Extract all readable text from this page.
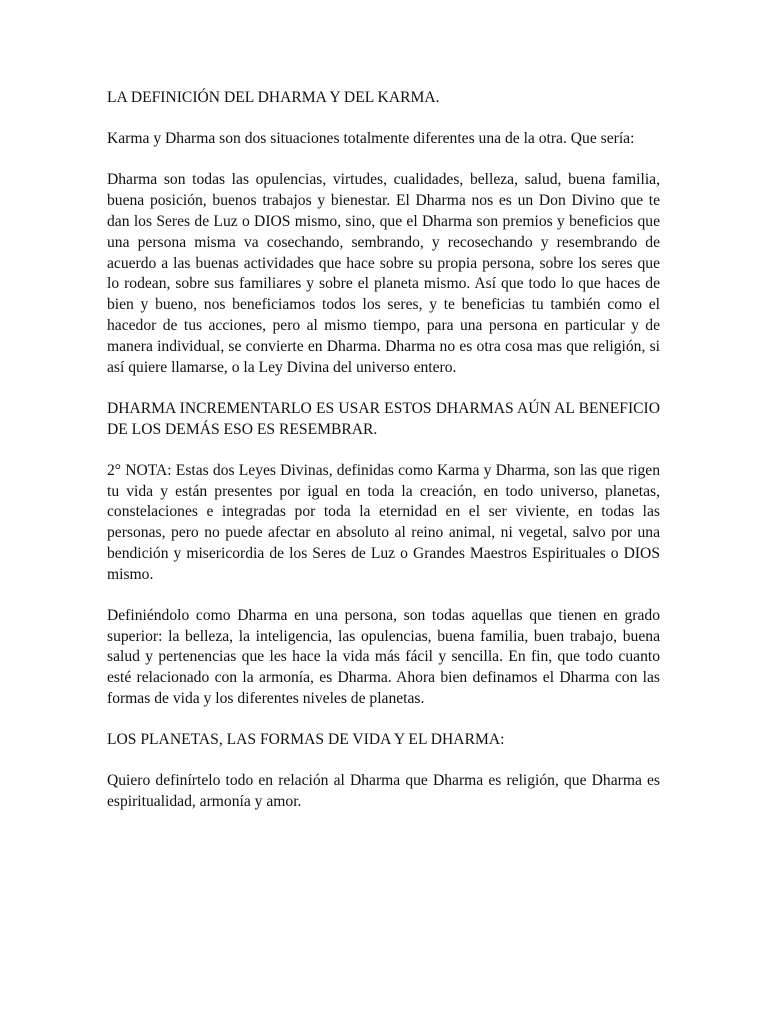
LA DEFINICIÓN DEL DHARMA Y DEL KARMA.

Karma y Dharma son dos situaciones totalmente diferentes una de la otra. Que sería:

Dharma son todas las opulencias, virtudes, cualidades, belleza, salud, buena familia, buena posición, buenos trabajos y bienestar. El Dharma nos es un Don Divino que te dan los Seres de Luz o DIOS mismo, sino, que el Dharma son premios y beneficios que una persona misma va cosechando, sembrando, y recosechando y resembrando de acuerdo a las buenas actividades que hace sobre su propia persona, sobre los seres que lo rodean, sobre sus familiares y sobre el planeta mismo. Así que todo lo que haces de bien y bueno, nos beneficiamos todos los seres, y te beneficias tu también como el hacedor de tus acciones, pero al mismo tiempo, para una persona en particular y de manera individual, se convierte en Dharma. Dharma no es otra cosa mas que religión, si así quiere llamarse, o la Ley Divina del universo entero.

DHARMA INCREMENTARLO ES USAR ESTOS DHARMAS AÚN AL BENEFICIO DE LOS DEMÁS ESO ES RESEMBRAR.

2° NOTA: Estas dos Leyes Divinas, definidas como Karma y Dharma, son las que rigen tu vida y están presentes por igual en toda la creación, en todo universo, planetas, constelaciones e integradas por toda la eternidad en el ser viviente, en todas las personas, pero no puede afectar en absoluto al reino animal, ni vegetal, salvo por una bendición y misericordia de los Seres de Luz o Grandes Maestros Espirituales o DIOS mismo.

Definiéndolo como Dharma en una persona, son todas aquellas que tienen en grado superior: la belleza, la inteligencia, las opulencias, buena familia, buen trabajo, buena salud y pertenencias que les hace la vida más fácil y sencilla. En fin, que todo cuanto esté relacionado con la armonía, es Dharma. Ahora bien definamos el Dharma con las formas de vida y los diferentes niveles de planetas.

LOS PLANETAS, LAS FORMAS DE VIDA Y EL DHARMA:

Quiero definírtelo todo en relación al Dharma que Dharma es religión, que Dharma es espiritualidad, armonía y amor.
